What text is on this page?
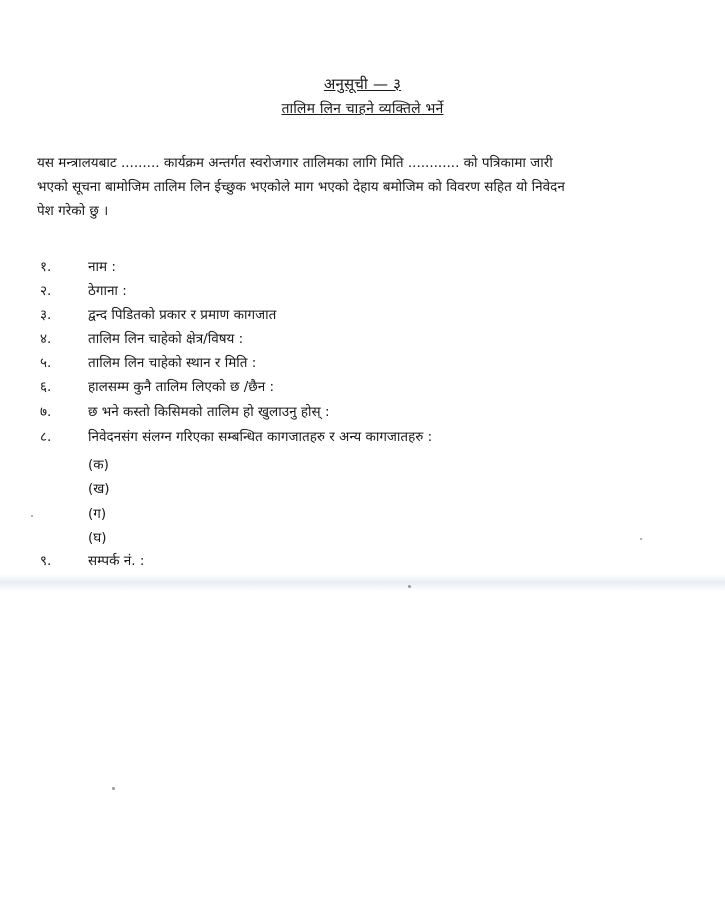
अनुसूची — ३
तालिम लिन चाहने व्यक्तिले भर्ने
यस मन्त्रालयबाट ......... कार्यक्रम अन्तर्गत स्वरोजगार तालिमका लागि मिति ............ को पत्रिकामा जारी
भएको सूचना बामोजिम तालिम लिन ईच्छुक भएकोले माग भएको देहाय बमोजिम को विवरण सहित यो निवेदन
पेश गरेको छु ।
१.	नाम :
२.	ठेगाना :
३.	द्वन्द पिडितको प्रकार र प्रमाण कागजात
४.	तालिम लिन चाहेको क्षेत्र/विषय :
५.	तालिम लिन चाहेको स्थान र मिति :
६.	हालसम्म कुनै तालिम लिएको छ /छैन :
७.	छ भने कस्तो किसिमको तालिम हो खुलाउनु होस् :
८.	निवेदनसंग संलग्न गरिएका सम्बन्धित कागजातहरु र अन्य कागजातहरु :
(क)
(ख)
(ग)
(घ)
९.	सम्पर्क नं. :
